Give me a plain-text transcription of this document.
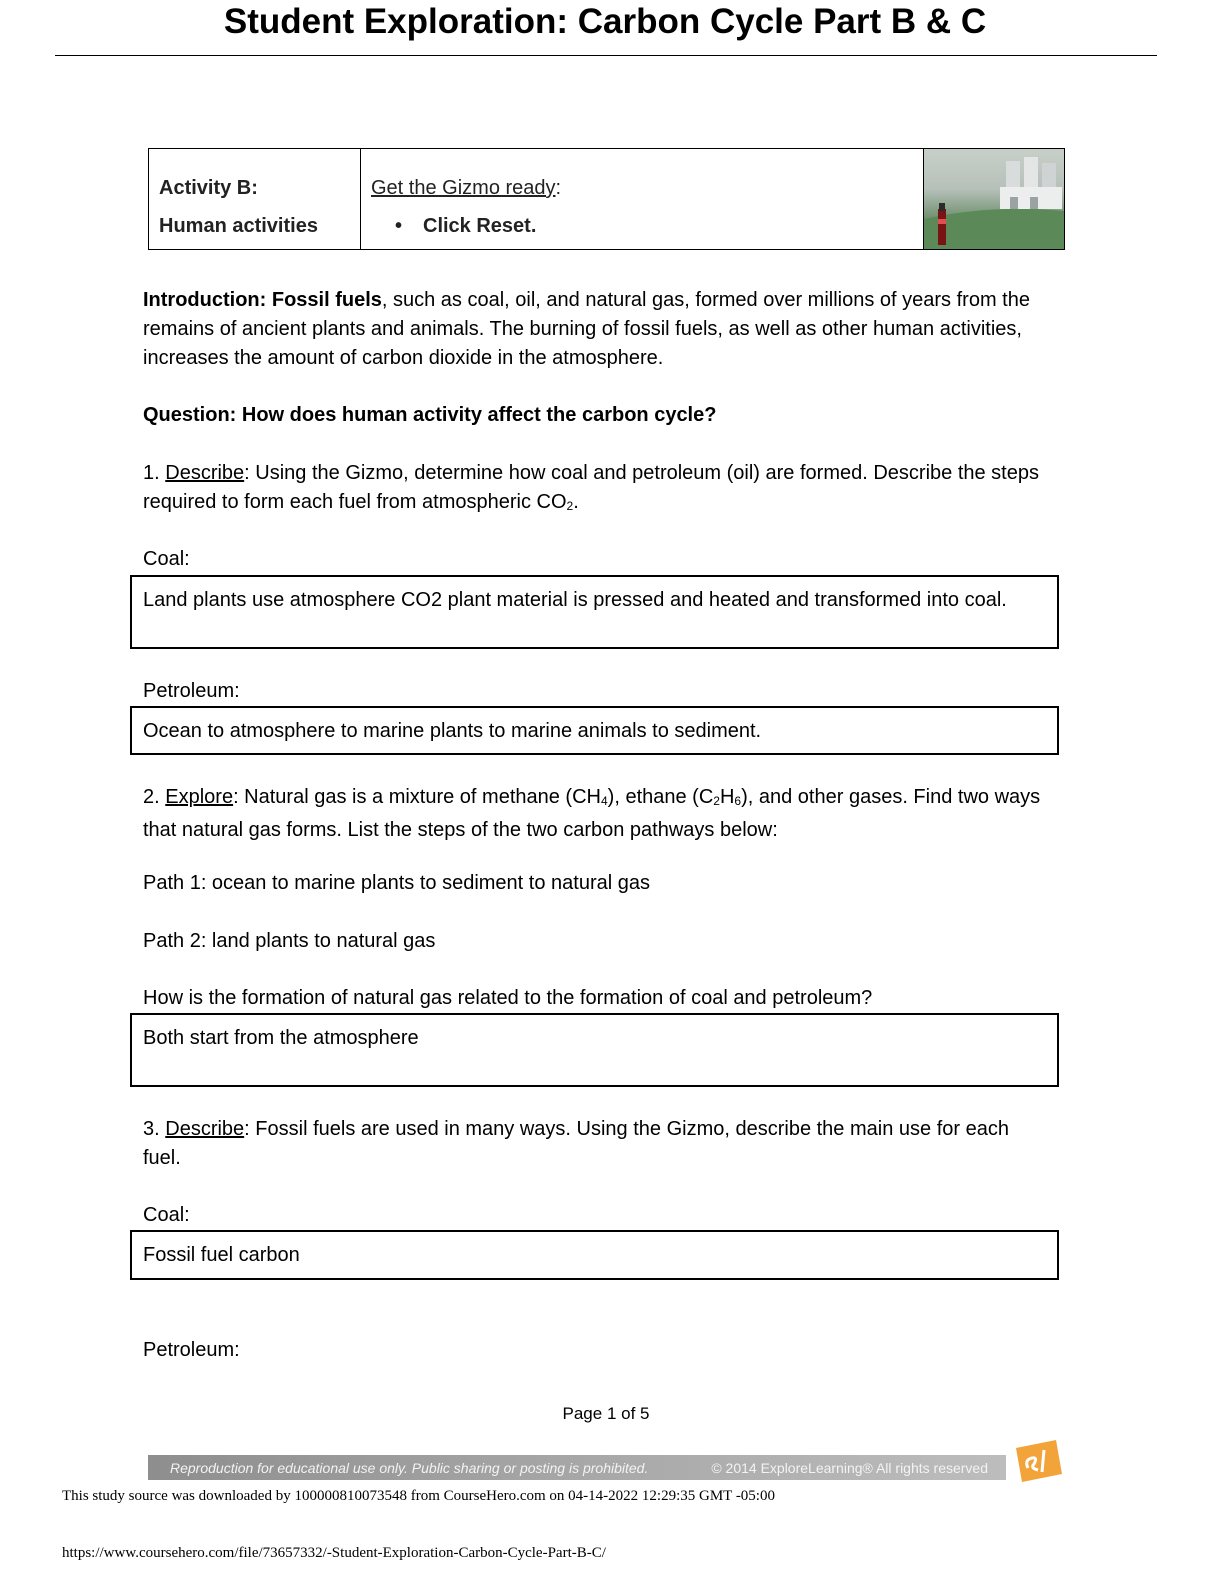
Student Exploration: Carbon Cycle Part B & C
Activity B:
Human activities
Get the Gizmo ready:
• Click Reset.
Introduction: Fossil fuels, such as coal, oil, and natural gas, formed over millions of years from the remains of ancient plants and animals. The burning of fossil fuels, as well as other human activities, increases the amount of carbon dioxide in the atmosphere.
Question: How does human activity affect the carbon cycle?
1. Describe: Using the Gizmo, determine how coal and petroleum (oil) are formed. Describe the steps required to form each fuel from atmospheric $CO_2$.
Coal:
Land plants use atmosphere CO2 plant material is pressed and heated and transformed into coal.
Petroleum:
Ocean to atmosphere to marine plants to marine animals to sediment.
2. Explore: Natural gas is a mixture of methane $(CH_4)$, ethane $(C_2H_6)$, and other gases. Find two ways that natural gas forms. List the steps of the two carbon pathways below:
Path 1: ocean to marine plants to sediment to natural gas
Path 2: land plants to natural gas
How is the formation of natural gas related to the formation of coal and petroleum?
Both start from the atmosphere
3. Describe: Fossil fuels are used in many ways. Using the Gizmo, describe the main use for each fuel.
Coal:
Fossil fuel carbon
Petroleum:
Page 1 of 5
Reproduction for educational use only. Public sharing or posting is prohibited.	© 2014 ExploreLearning® All rights reserved
This study source was downloaded by 100000810073548 from CourseHero.com on 04-14-2022 12:29:35 GMT -05:00
https://www.coursehero.com/file/73657332/-Student-Exploration-Carbon-Cycle-Part-B-C/
